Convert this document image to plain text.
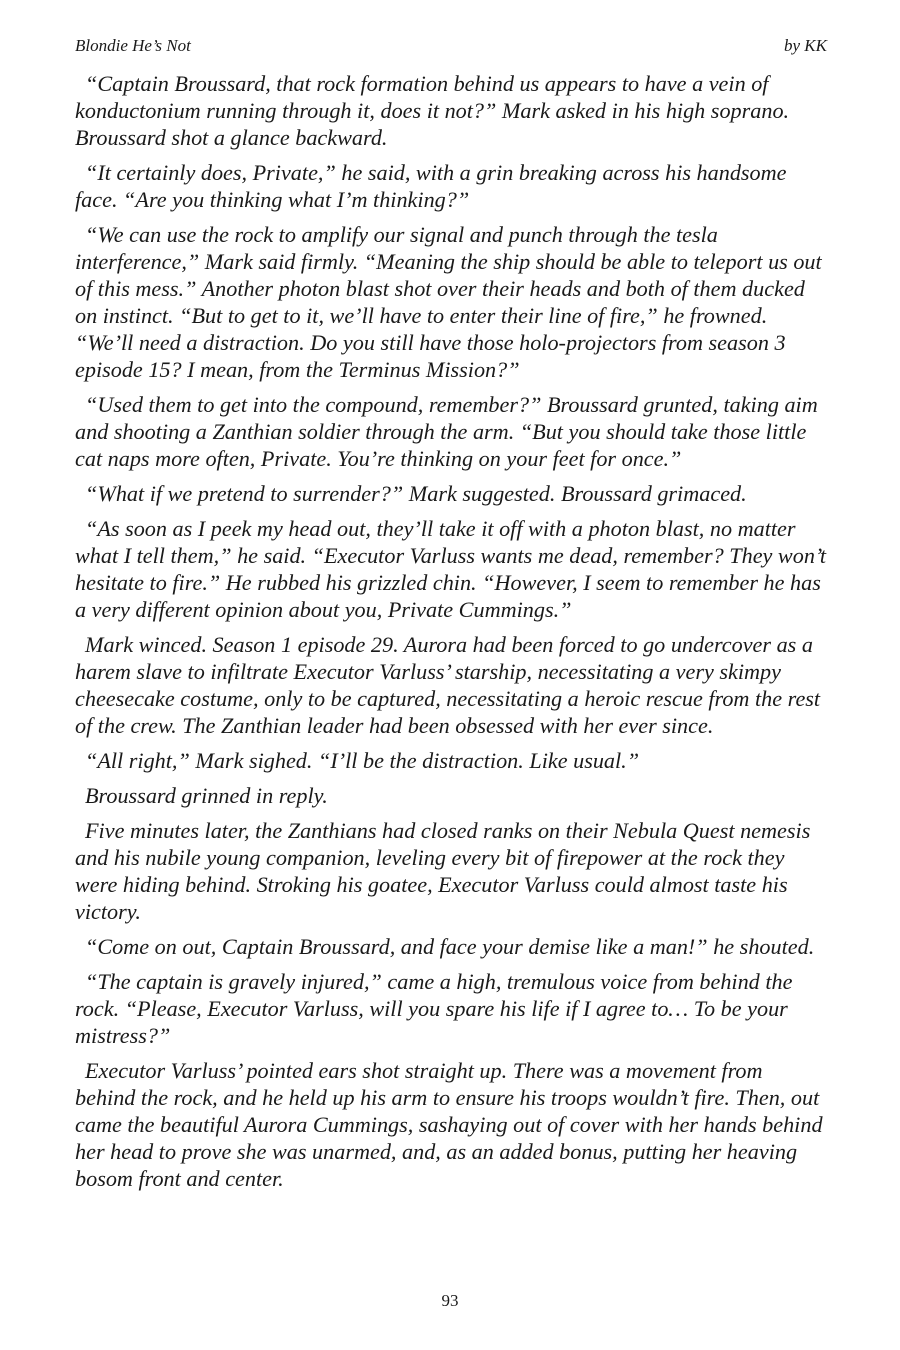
Blondie He’s Not	by KK

“Captain Broussard, that rock formation behind us appears to have a vein of konductonium running through it, does it not?” Mark asked in his high soprano. Broussard shot a glance backward.

“It certainly does, Private,” he said, with a grin breaking across his handsome face. “Are you thinking what I’m thinking?”

“We can use the rock to amplify our signal and punch through the tesla interference,” Mark said firmly. “Meaning the ship should be able to teleport us out of this mess.” Another photon blast shot over their heads and both of them ducked on instinct. “But to get to it, we’ll have to enter their line of fire,” he frowned. “We’ll need a distraction. Do you still have those holo-projectors from season 3 episode 15? I mean, from the Terminus Mission?”

“Used them to get into the compound, remember?” Broussard grunted, taking aim and shooting a Zanthian soldier through the arm. “But you should take those little cat naps more often, Private. You’re thinking on your feet for once.”

“What if we pretend to surrender?” Mark suggested. Broussard grimaced.

“As soon as I peek my head out, they’ll take it off with a photon blast, no matter what I tell them,” he said. “Executor Varluss wants me dead, remember? They won’t hesitate to fire.” He rubbed his grizzled chin. “However, I seem to remember he has a very different opinion about you, Private Cummings.”

Mark winced. Season 1 episode 29. Aurora had been forced to go undercover as a harem slave to infiltrate Executor Varluss’ starship, necessitating a very skimpy cheesecake costume, only to be captured, necessitating a heroic rescue from the rest of the crew. The Zanthian leader had been obsessed with her ever since.

“All right,” Mark sighed. “I’ll be the distraction. Like usual.”

Broussard grinned in reply.

Five minutes later, the Zanthians had closed ranks on their Nebula Quest nemesis and his nubile young companion, leveling every bit of firepower at the rock they were hiding behind. Stroking his goatee, Executor Varluss could almost taste his victory.

“Come on out, Captain Broussard, and face your demise like a man!” he shouted.

“The captain is gravely injured,” came a high, tremulous voice from behind the rock. “Please, Executor Varluss, will you spare his life if I agree to… To be your mistress?”

Executor Varluss’ pointed ears shot straight up. There was a movement from behind the rock, and he held up his arm to ensure his troops wouldn’t fire. Then, out came the beautiful Aurora Cummings, sashaying out of cover with her hands behind her head to prove she was unarmed, and, as an added bonus, putting her heaving bosom front and center.

93
